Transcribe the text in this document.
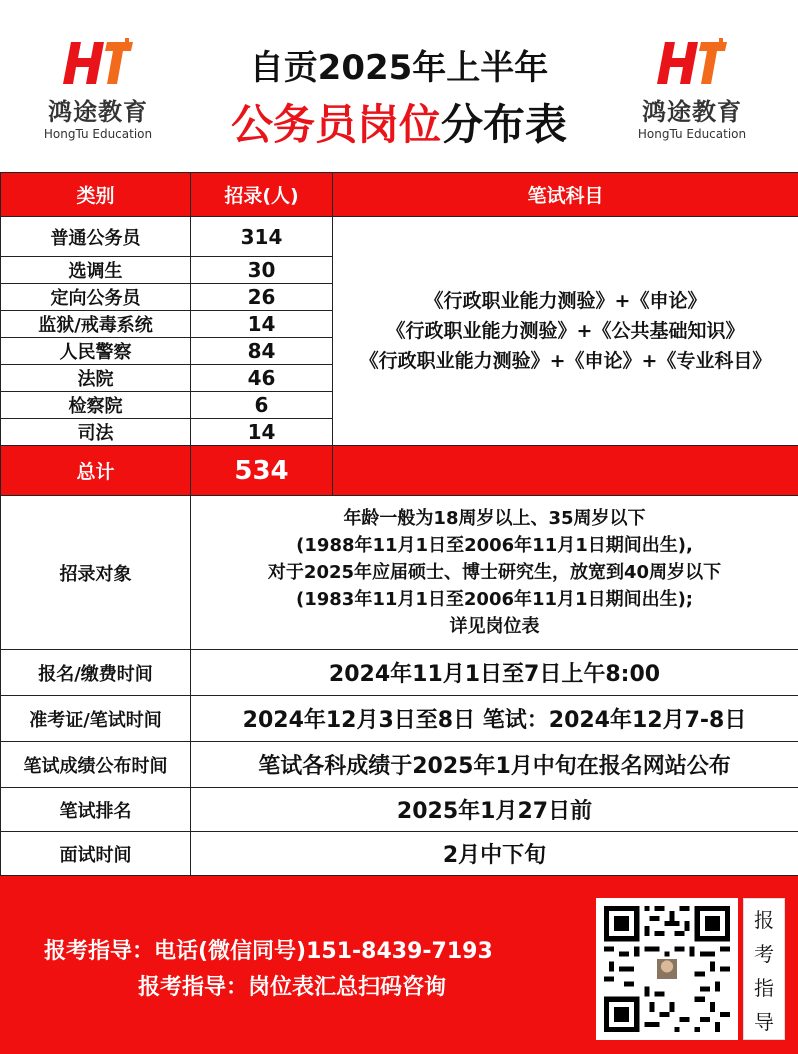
鸿途教育
HongTu Education
自贡2025年上半年
公务员岗位分布表	鸿途教育
HongTu Education
类别	招录(人)	笔试科目
普通公务员	314	《行政职业能力测验》+《申论》
《行政职业能力测验》+《公共基础知识》
《行政职业能力测验》+《申论》+《专业科目》

选调生	30	
定向公务员	26	
监狱/戒毒系统	14	
人民警察	84	
法院	46	
检察院	6	
司法	14	
总计	534	
招录对象	年龄一般为18周岁以上、35周岁以下
(1988年11月1日至2006年11月1日期间出生),
对于2025年应届硕士、博士研究生，放宽到40周岁以下
(1983年11月1日至2006年11月1日期间出生);
详见岗位表	

报名/缴费时间	2024年11月1日至7日上午8:00	
准考证/笔试时间	2024年12月3日至8日 笔试：2024年12月7-8日	
笔试成绩公布时间	笔试各科成绩于2025年1月中旬在报名网站公布	
笔试排名	2025年1月27日前	
面试时间	2月中下旬	
报考指导：电话(微信同号)151-8439-7193
报考指导：岗位表汇总扫码咨询
报
考
指
导
